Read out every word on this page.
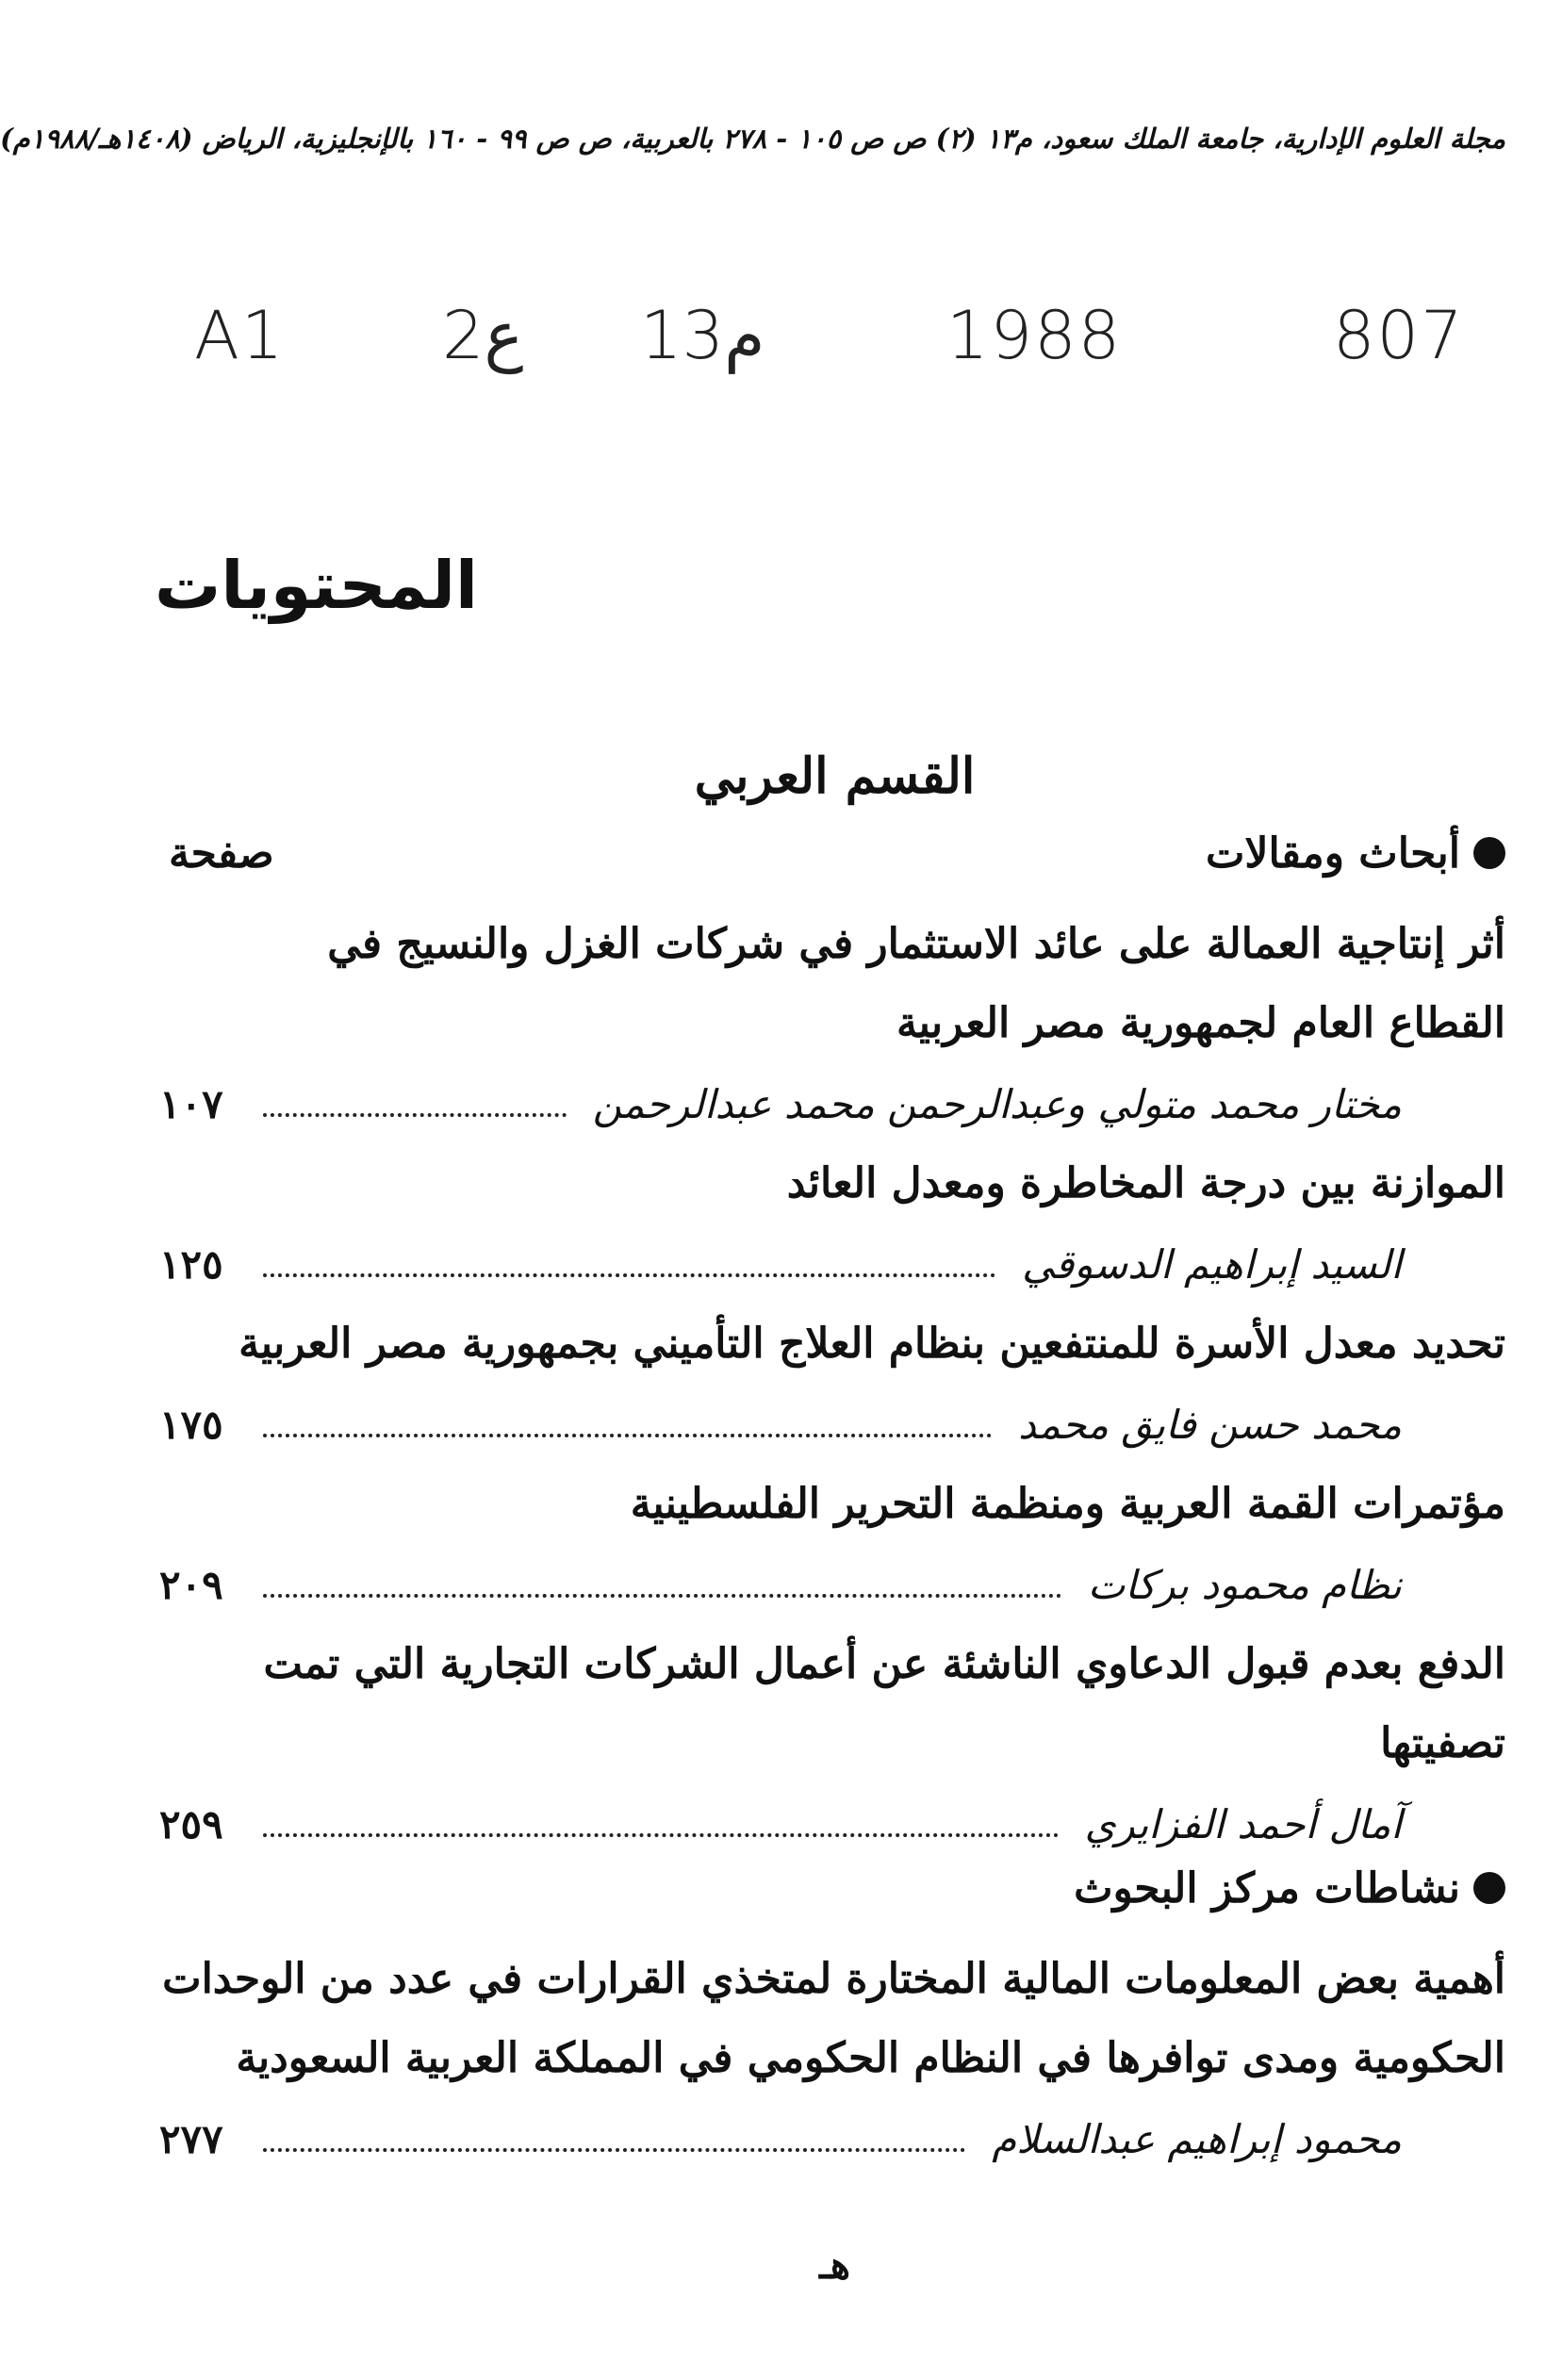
مجلة العلوم الإدارية، جامعة الملك سعود، م١٣ (٢) ص ص ١٠٥ - ٢٧٨ بالعربية، ص ص ٩٩ - ١٦٠ بالإنجليزية، الرياض (١٤٠٨هـ/١٩٨٨م)
A1 ع2 م13	1988	807
المحتويات
القسم العربي
أبحاث ومقالات
صفحة
أثر إنتاجية العمالة على عائد الاستثمار في شركات الغزل والنسيج في
القطاع العام لجمهورية مصر العربية
مختار محمد متولي وعبدالرحمن محمد عبدالرحمن
١٠٧
الموازنة بين درجة المخاطرة ومعدل العائد
السيد إبراهيم الدسوقي
١٢٥
تحديد معدل الأسرة للمنتفعين بنظام العلاج التأميني بجمهورية مصر العربية
محمد حسن فايق محمد
١٧٥
مؤتمرات القمة العربية ومنظمة التحرير الفلسطينية
نظام محمود بركات
٢٠٩
الدفع بعدم قبول الدعاوي الناشئة عن أعمال الشركات التجارية التي تمت
تصفيتها
آمال أحمد الفزايري
٢٥٩
نشاطات مركز البحوث
أهمية بعض المعلومات المالية المختارة لمتخذي القرارات في عدد من الوحدات
الحكومية ومدى توافرها في النظام الحكومي في المملكة العربية السعودية
محمود إبراهيم عبدالسلام
٢٧٧
هـ
